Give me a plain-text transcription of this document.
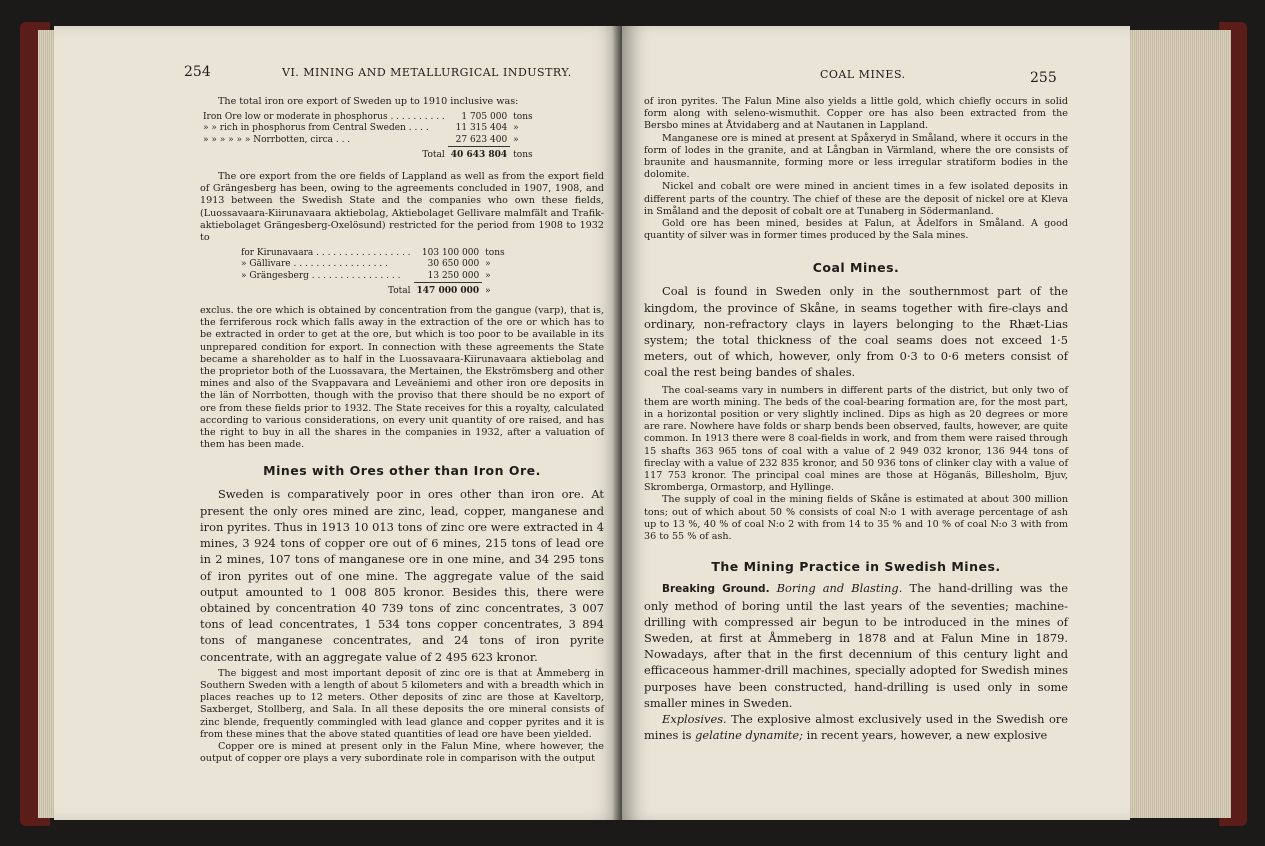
254	VI. MINING AND METALLURGICAL INDUSTRY.

The total iron ore export of Sweden up to 1910 inclusive was:

Iron Ore low or moderate in phosphorus . . . . . . . . . .	1 705 000	tons
» » rich in phosphorus from Central Sweden . . . .	11 315 404	»
» » » » » » Norrbotten, circa . . .	27 623 400	»
Total	40 643 804	tons

The ore export from the ore fields of Lappland as well as from the export field of Grängesberg has been, owing to the agreements concluded in 1907, 1908, and 1913 between the Swedish State and the companies who own these fields, (Luossavaara-Kiirunavaara aktiebolag, Aktiebolaget Gellivare malmfält and Trafik-aktiebolaget Grängesberg-Oxelösund) restricted for the period from 1908 to 1932 to

for Kirunavaara . . . . . . . . . . . . . . . . .	103 100 000	tons
» Gällivare . . . . . . . . . . . . . . . . .	30 650 000	»
» Grängesberg . . . . . . . . . . . . . . . .	13 250 000	»
Total	147 000 000	»

exclus. the ore which is obtained by concentration from the gangue (varp), that is, the ferriferous rock which falls away in the extraction of the ore or which has to be extracted in order to get at the ore, but which is too poor to be available in its unprepared condition for export. In connection with these agreements the State became a shareholder as to half in the Luossavaara-Kiirunavaara aktiebolag and the proprietor both of the Luossavara, the Mertainen, the Ekströmsberg and other mines and also of the Svappavara and Leveäniemi and other iron ore deposits in the län of Norrbotten, though with the proviso that there should be no export of ore from these fields prior to 1932. The State receives for this a royalty, calculated according to various considerations, on every unit quantity of ore raised, and has the right to buy in all the shares in the companies in 1932, after a valuation of them has been made.

Mines with Ores other than Iron Ore.

Sweden is comparatively poor in ores other than iron ore. At present the only ores mined are zinc, lead, copper, manganese and iron pyrites. Thus in 1913 10 013 tons of zinc ore were extracted in 4 mines, 3 924 tons of copper ore out of 6 mines, 215 tons of lead ore in 2 mines, 107 tons of manganese ore in one mine, and 34 295 tons of iron pyrites out of one mine. The aggregate value of the said output amounted to 1 008 805 kronor. Besides this, there were obtained by concentration 40 739 tons of zinc concentrates, 3 007 tons of lead concentrates, 1 534 tons copper concentrates, 3 894 tons of manganese concentrates, and 24 tons of iron pyrite concentrate, with an aggregate value of 2 495 623 kronor.

The biggest and most important deposit of zinc ore is that at Åmmeberg in Southern Sweden with a length of about 5 kilometers and with a breadth which in places reaches up to 12 meters. Other deposits of zinc are those at Kaveltorp, Saxberget, Stollberg, and Sala. In all these deposits the ore mineral consists of zinc blende, frequently commingled with lead glance and copper pyrites and it is from these mines that the above stated quantities of lead ore have been yielded.

Copper ore is mined at present only in the Falun Mine, where however, the output of copper ore plays a very subordinate role in comparison with the output

COAL MINES.	255

of iron pyrites. The Falun Mine also yields a little gold, which chiefly occurs in solid form along with seleno-wismuthit. Copper ore has also been extracted from the Bersbo mines at Åtvidaberg and at Nautanen in Lappland.

Manganese ore is mined at present at Spåxeryd in Småland, where it occurs in the form of lodes in the granite, and at Långban in Värmland, where the ore consists of braunite and hausmannite, forming more or less irregular stratiform bodies in the dolomite.

Nickel and cobalt ore were mined in ancient times in a few isolated deposits in different parts of the country. The chief of these are the deposit of nickel ore at Kleva in Småland and the deposit of cobalt ore at Tunaberg in Södermanland.

Gold ore has been mined, besides at Falun, at Ädelfors in Småland. A good quantity of silver was in former times produced by the Sala mines.

Coal Mines.

Coal is found in Sweden only in the southernmost part of the kingdom, the province of Skåne, in seams together with fire-clays and ordinary, non-refractory clays in layers belonging to the Rhæt-Lias system; the total thickness of the coal seams does not exceed 1·5 meters, out of which, however, only from 0·3 to 0·6 meters consist of coal the rest being bandes of shales.

The coal-seams vary in numbers in different parts of the district, but only two of them are worth mining. The beds of the coal-bearing formation are, for the most part, in a horizontal position or very slightly inclined. Dips as high as 20 degrees or more are rare. Nowhere have folds or sharp bends been observed, faults, however, are quite common. In 1913 there were 8 coal-fields in work, and from them were raised through 15 shafts 363 965 tons of coal with a value of 2 949 032 kronor, 136 944 tons of fireclay with a value of 232 835 kronor, and 50 936 tons of clinker clay with a value of 117 753 kronor. The principal coal mines are those at Höganäs, Billesholm, Bjuv, Skromberga, Ormastorp, and Hyllinge.

The supply of coal in the mining fields of Skåne is estimated at about 300 million tons; out of which about 50 % consists of coal N:o 1 with average percentage of ash up to 13 %, 40 % of coal N:o 2 with from 14 to 35 % and 10 % of coal N:o 3 with from 36 to 55 % of ash.

The Mining Practice in Swedish Mines.

Breaking Ground. Boring and Blasting. The hand-drilling was the only method of boring until the last years of the seventies; machine-drilling with compressed air begun to be introduced in the mines of Sweden, at first at Åmmeberg in 1878 and at Falun Mine in 1879. Nowadays, after that in the first decennium of this century light and efficaceous hammer-drill machines, specially adopted for Swedish mines purposes have been constructed, hand-drilling is used only in some smaller mines in Sweden.

Explosives. The explosive almost exclusively used in the Swedish ore mines is gelatine dynamite; in recent years, however, a new explosive
